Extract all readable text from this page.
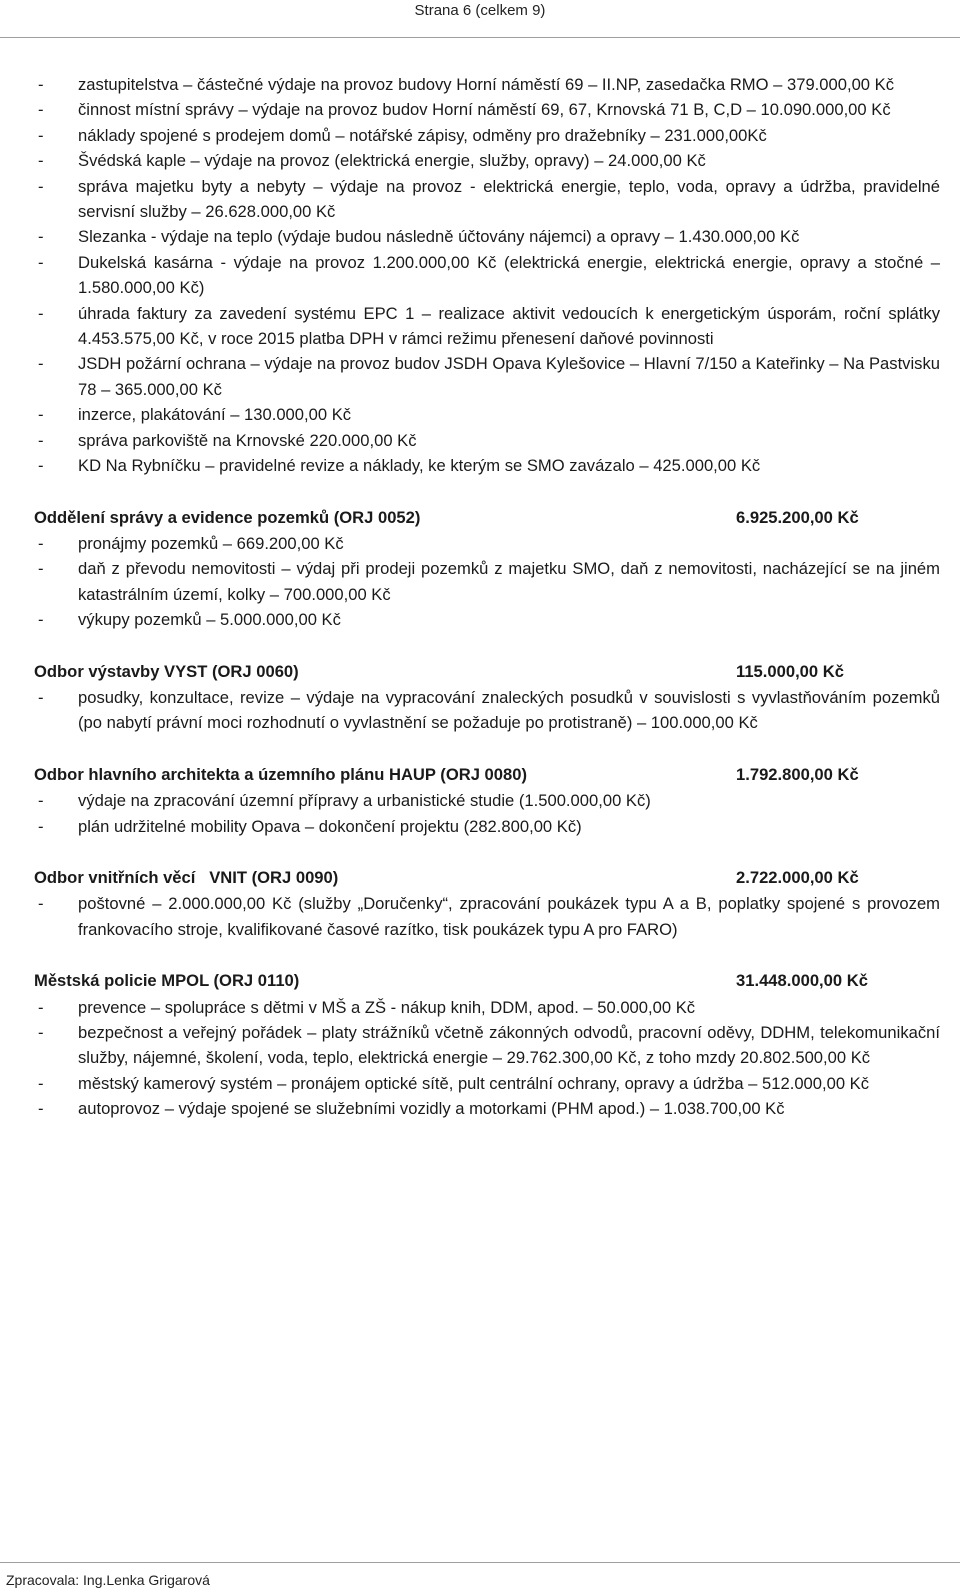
Strana 6 (celkem 9)
- zastupitelstva – částečné výdaje na provoz budovy Horní náměstí 69 – II.NP, zasedačka RMO – 379.000,00 Kč
- činnost místní správy – výdaje na provoz budov Horní náměstí 69, 67, Krnovská 71 B, C,D – 10.090.000,00 Kč
- náklady spojené s prodejem domů – notářské zápisy, odměny pro dražebníky – 231.000,00Kč
- Švédská kaple – výdaje na provoz (elektrická energie, služby, opravy) – 24.000,00 Kč
- správa majetku byty a nebyty – výdaje na provoz - elektrická energie, teplo, voda, opravy a údržba, pravidelné servisní služby – 26.628.000,00 Kč
- Slezanka - výdaje na teplo (výdaje budou následně účtovány nájemci) a opravy – 1.430.000,00 Kč
- Dukelská kasárna - výdaje na provoz 1.200.000,00 Kč (elektrická energie, elektrická energie, opravy a stočné – 1.580.000,00 Kč)
- úhrada faktury za zavedení systému EPC 1 – realizace aktivit vedoucích k energetickým úsporám, roční splátky 4.453.575,00 Kč, v roce 2015 platba DPH v rámci režimu přenesení daňové povinnosti
- JSDH požární ochrana – výdaje na provoz budov JSDH Opava Kylešovice – Hlavní 7/150 a Kateřinky – Na Pastvisku 78 – 365.000,00 Kč
- inzerce, plakátování – 130.000,00 Kč
- správa parkoviště na Krnovské 220.000,00 Kč
- KD Na Rybníčku – pravidelné revize a náklady, ke kterým se SMO zavázalo – 425.000,00 Kč
Oddělení správy a evidence pozemků (ORJ 0052)	6.925.200,00 Kč
- pronájmy pozemků – 669.200,00 Kč
- daň z převodu nemovitosti – výdaj při prodeji pozemků z majetku SMO, daň z nemovitosti, nacházející se na jiném katastrálním území, kolky – 700.000,00 Kč
- výkupy pozemků – 5.000.000,00 Kč
Odbor výstavby VYST (ORJ 0060)	115.000,00 Kč
- posudky, konzultace, revize – výdaje na vypracování znaleckých posudků v souvislosti s vyvlastňováním pozemků (po nabytí právní moci rozhodnutí o vyvlastnění se požaduje po protistraně) – 100.000,00 Kč
Odbor hlavního architekta a územního plánu HAUP (ORJ 0080)	1.792.800,00 Kč
- výdaje na zpracování územní přípravy a urbanistické studie (1.500.000,00 Kč)
- plán udržitelné mobility Opava – dokončení projektu (282.800,00 Kč)
Odbor vnitřních věcí   VNIT (ORJ 0090)	2.722.000,00 Kč
- poštovné – 2.000.000,00 Kč (služby „Doručenky“, zpracování poukázek typu A a B, poplatky spojené s provozem frankovacího stroje, kvalifikované časové razítko, tisk poukázek typu A pro FARO)
Městská policie MPOL (ORJ 0110)	31.448.000,00 Kč
- prevence – spolupráce s dětmi v MŠ a ZŠ - nákup knih, DDM, apod. – 50.000,00 Kč
- bezpečnost a veřejný pořádek – platy strážníků včetně zákonných odvodů, pracovní oděvy, DDHM, telekomunikační služby, nájemné, školení, voda, teplo, elektrická energie – 29.762.300,00 Kč, z toho mzdy 20.802.500,00 Kč
- městský kamerový systém – pronájem optické sítě, pult centrální ochrany, opravy a údržba – 512.000,00 Kč
- autoprovoz – výdaje spojené se služebními vozidly a motorkami (PHM apod.) – 1.038.700,00 Kč
Zpracovala: Ing.Lenka Grigarová
